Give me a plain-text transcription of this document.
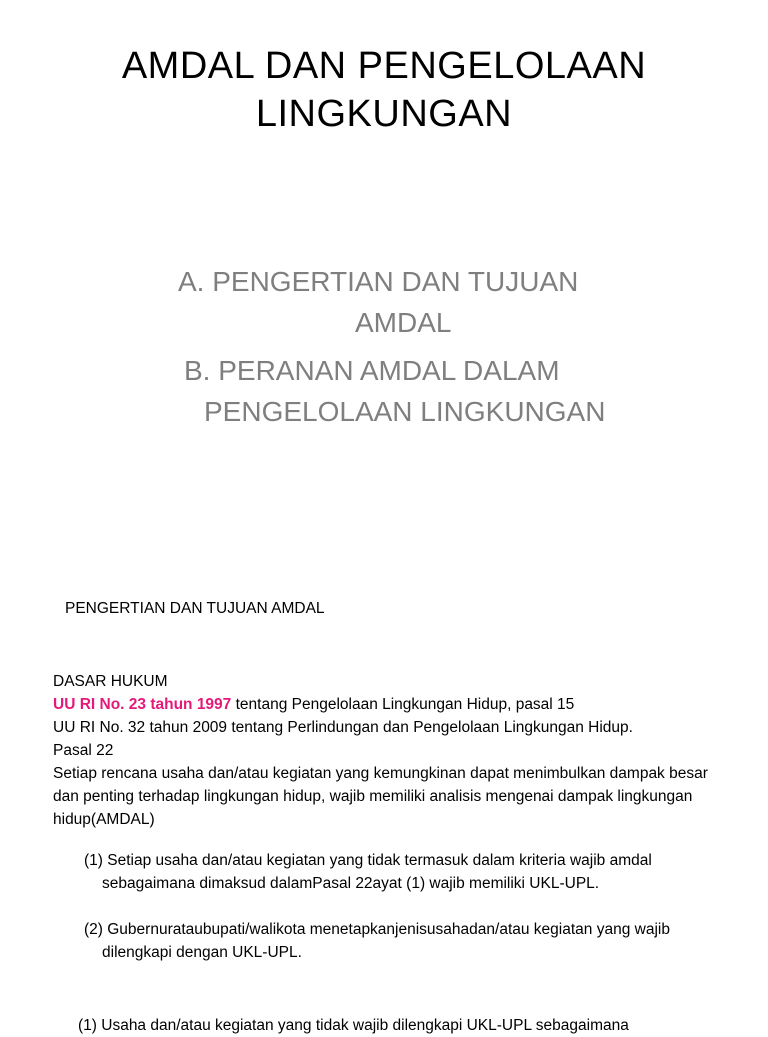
AMDAL DAN PENGELOLAAN
LINGKUNGAN
A. PENGERTIAN DAN TUJUAN
AMDAL
B. PERANAN AMDAL DALAM
PENGELOLAAN LINGKUNGAN
PENGERTIAN DAN TUJUAN AMDAL
DASAR HUKUM
UU RI No. 23 tahun 1997 tentang Pengelolaan Lingkungan Hidup, pasal 15
UU RI No. 32 tahun 2009 tentang Perlindungan dan Pengelolaan Lingkungan Hidup.
Pasal 22
Setiap rencana usaha dan/atau kegiatan yang kemungkinan dapat menimbulkan dampak besar dan penting terhadap lingkungan hidup, wajib memiliki analisis mengenai dampak lingkungan hidup(AMDAL)
(1) Setiap usaha dan/atau kegiatan yang tidak termasuk dalam kriteria wajib amdal sebagaimana dimaksud dalamPasal 22ayat (1) wajib memiliki UKL-UPL.
(2) Gubernurataubupati/walikota menetapkanjenisusahadan/atau kegiatan yang wajib dilengkapi dengan UKL-UPL.
(1) Usaha dan/atau kegiatan yang tidak wajib dilengkapi UKL-UPL sebagaimana
